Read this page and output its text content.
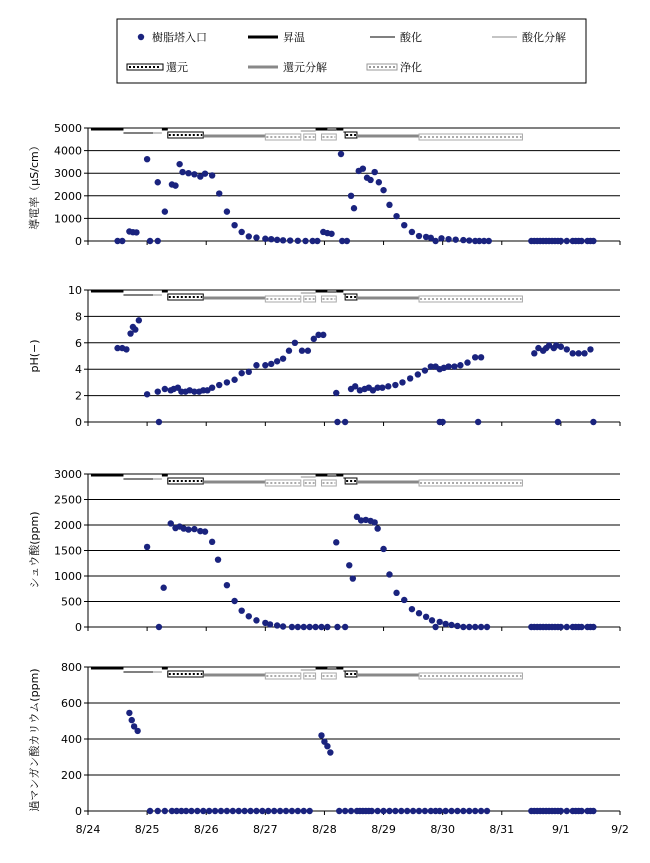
樹脂塔入口	昇温	酸化	酸化分解
還元	還元分解	浄化
0
1000
2000
3000
4000
5000
導電率（μS/cm）
0
2
4
6
8
10
pH(−)
0
500
1000
1500
2000
2500
3000
シュウ酸(ppm)
0
200
400
600
800
過マンガン酸カリウム(ppm)
8/24	8/25	8/26	8/27	8/28	8/29	8/30	8/31	9/1	9/2
